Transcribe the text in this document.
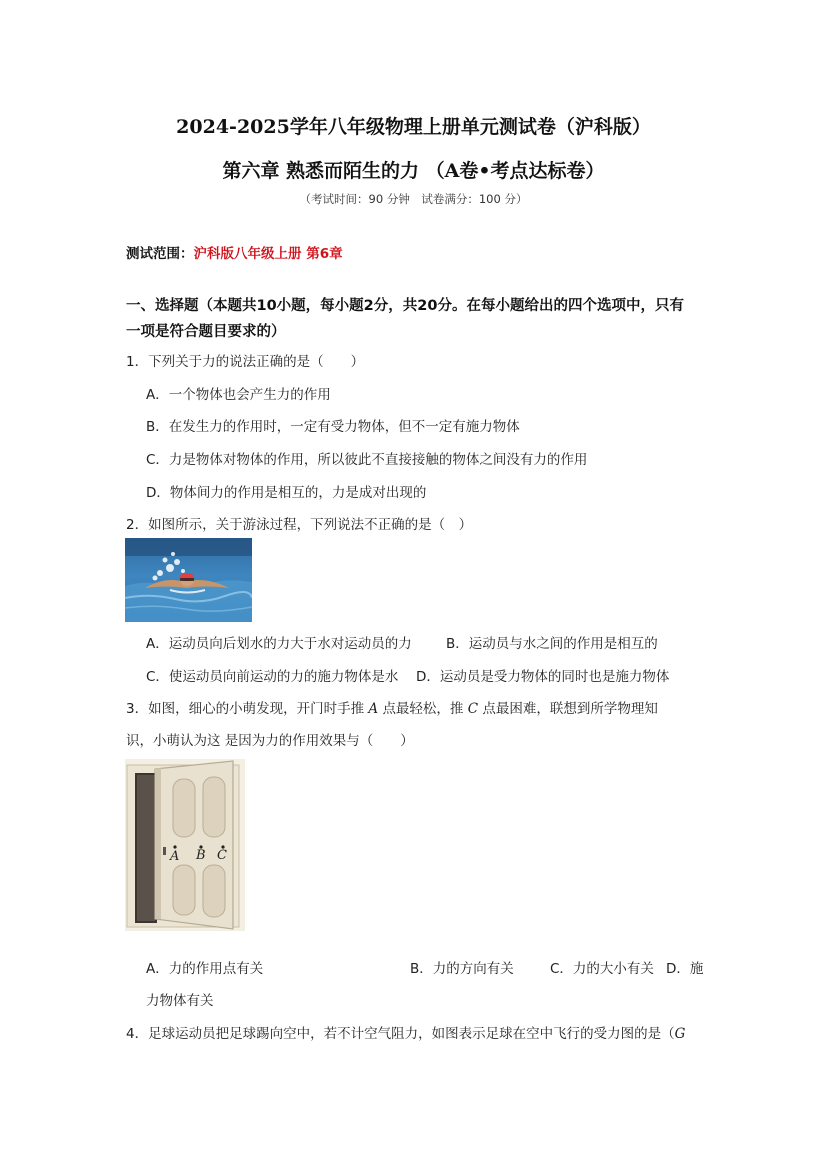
2024-2025学年八年级物理上册单元测试卷（沪科版）
第六章 熟悉而陌生的力 （A卷•考点达标卷）
（考试时间：90 分钟　试卷满分：100 分）
测试范围：沪科版八年级上册 第6章
一、选择题（本题共10小题，每小题2分，共20分。在每小题给出的四个选项中，只有
一项是符合题目要求的）
1．下列关于力的说法正确的是（　　）
A．一个物体也会产生力的作用
B．在发生力的作用时，一定有受力物体，但不一定有施力物体
C．力是物体对物体的作用，所以彼此不直接接触的物体之间没有力的作用
D．物体间力的作用是相互的，力是成对出现的
2．如图所示，关于游泳过程，下列说法不正确的是（　）
A．运动员向后划水的力大于水对运动员的力	B．运动员与水之间的作用是相互的
C．使运动员向前运动的力的施力物体是水 D．运动员是受力物体的同时也是施力物体
3．如图，细心的小萌发现，开门时手推 A 点最轻松，推 C 点最困难，联想到所学物理知
识，小萌认为这 是因为力的作用效果与（　　）
A B C
A．力的作用点有关	B．力的方向有关	C．力的大小有关 D．施
力物体有关
4．足球运动员把足球踢向空中，若不计空气阻力，如图表示足球在空中飞行的受力图的是（G
